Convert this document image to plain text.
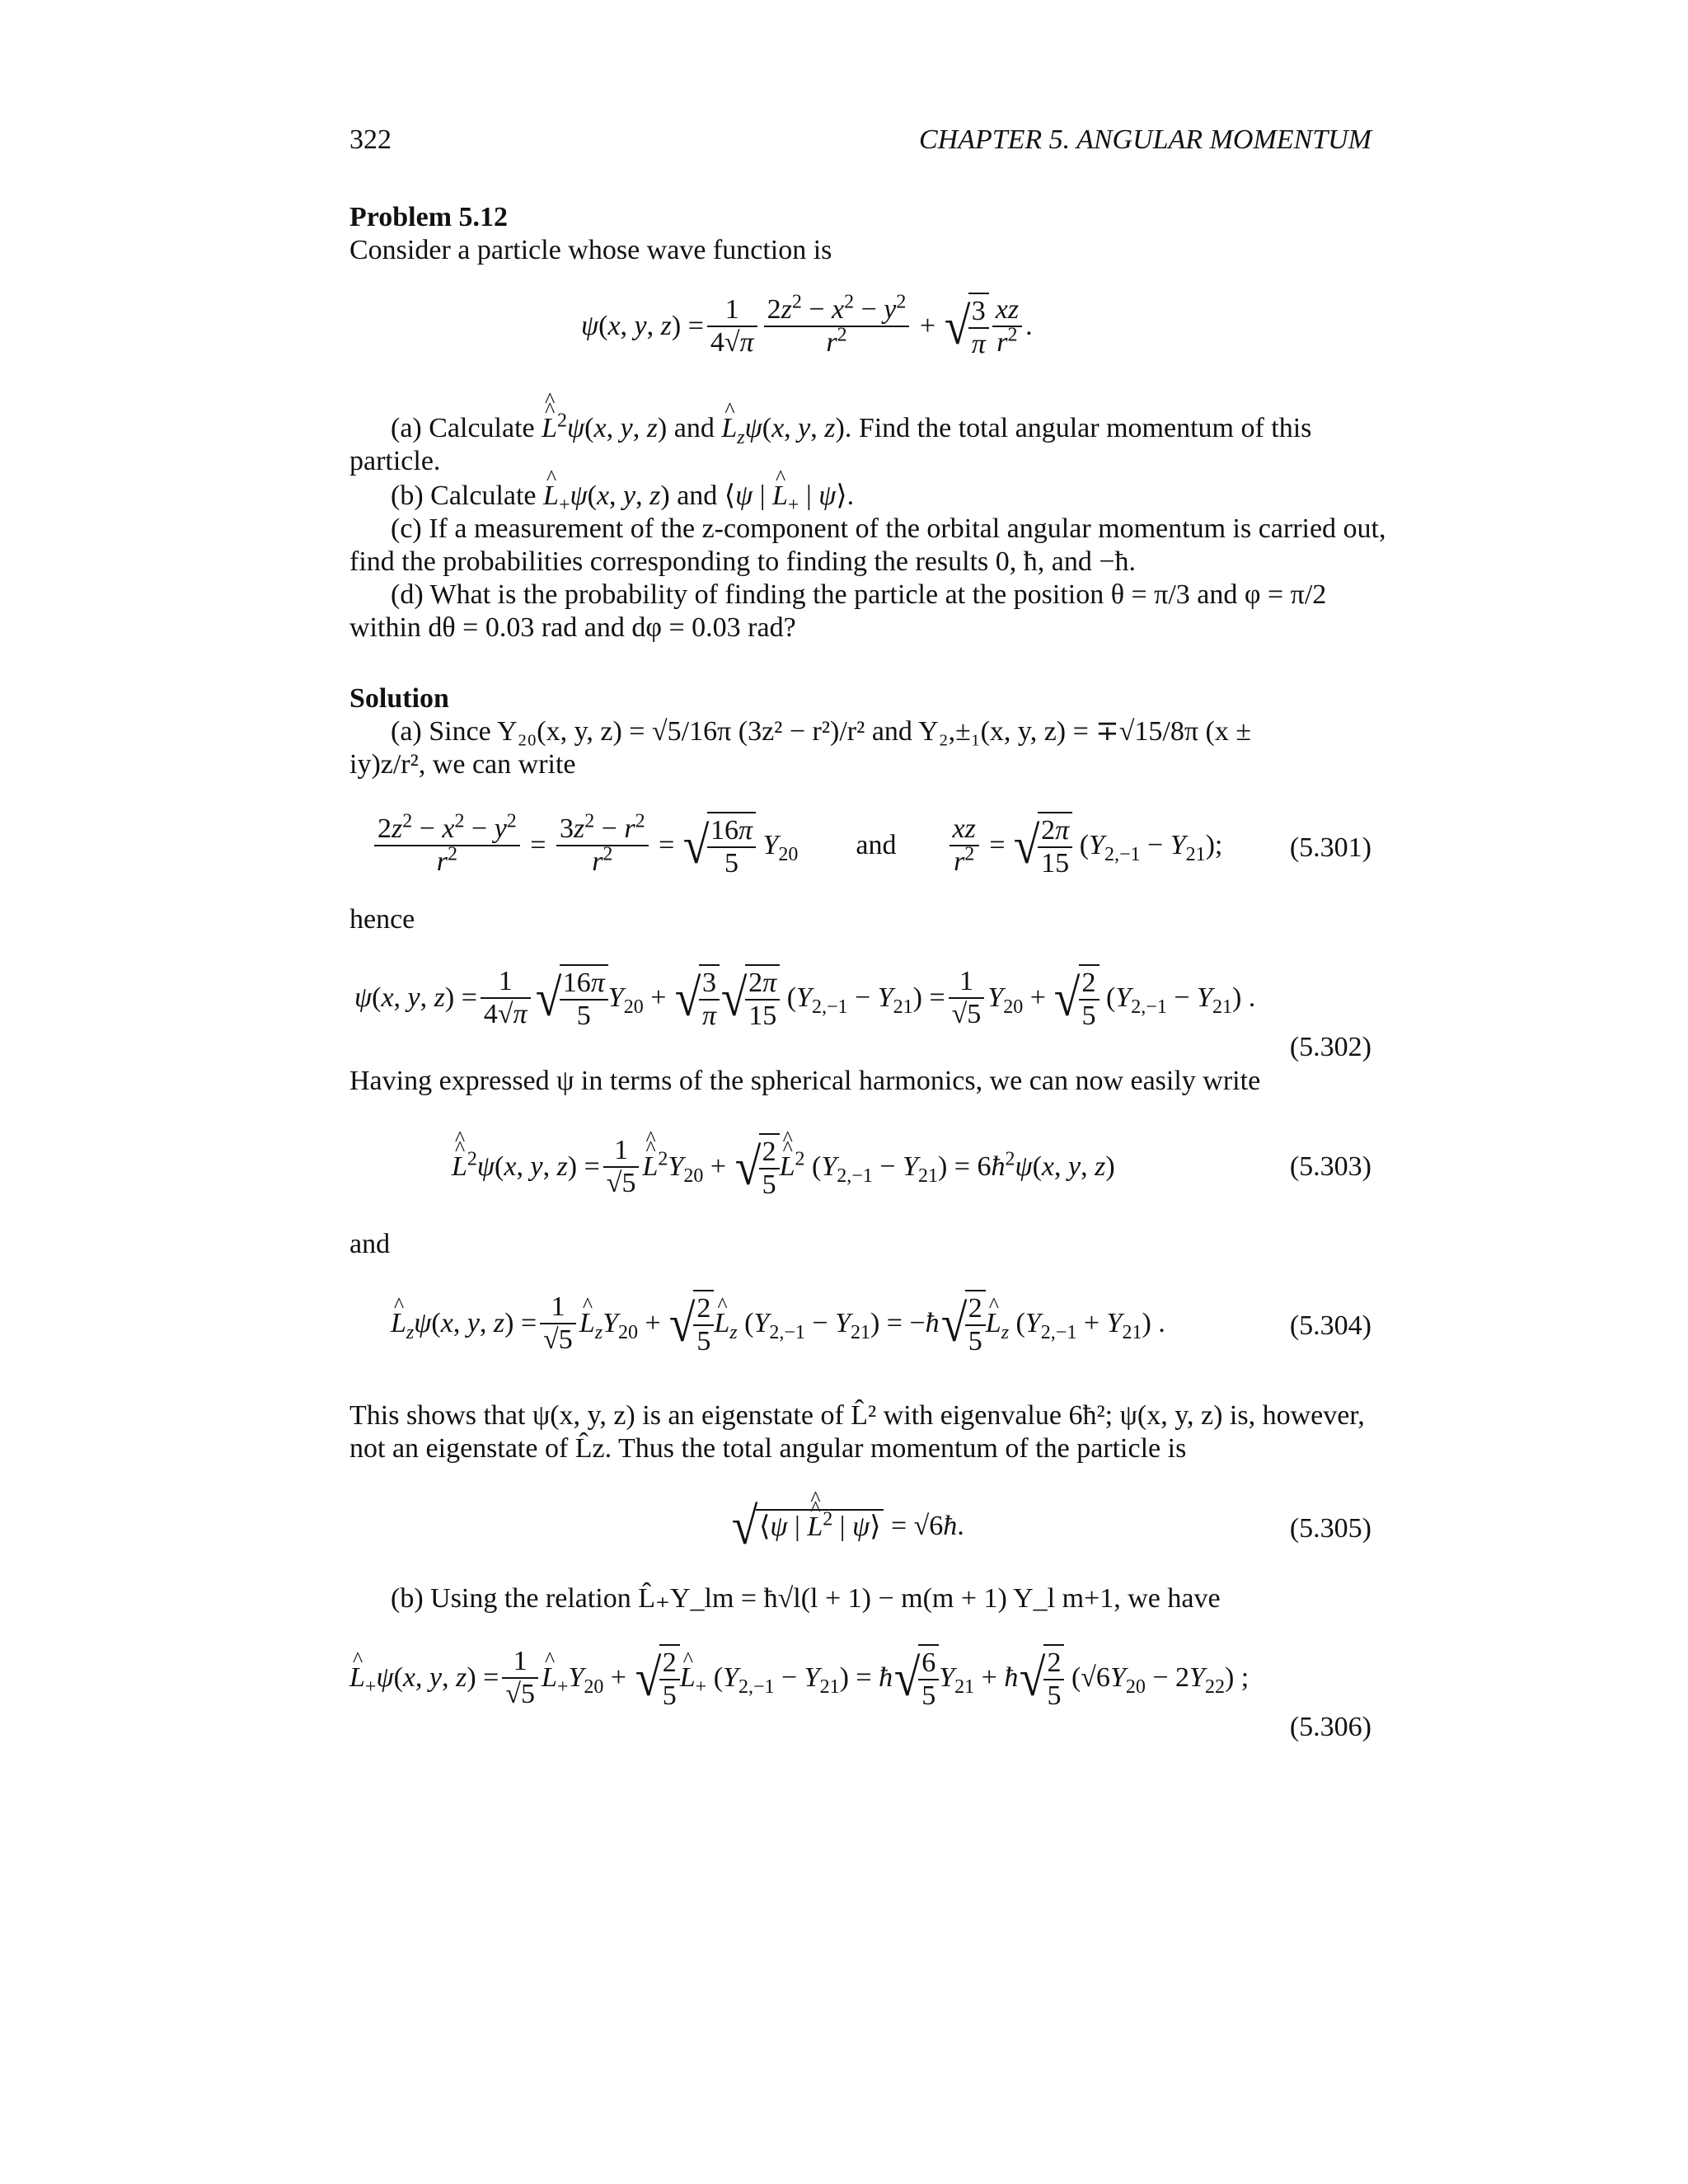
322	CHAPTER 5. ANGULAR MOMENTUM
Problem 5.12
Consider a particle whose wave function is
ψ(x, y, $z) = \frac{1}{4√\pi} \frac{2z^2 - x^2 - y^2}{r^2}$ + √
$\frac{3}{\pi} \frac{xz}{r^2}$ .
(a) Calculate ^ L ^$^2$ψ(x, y, z) and ^ $L_z\psi(x$, y, z). Find the total angular momentum of this
particle.
(b) Calculate ^ $L_+\psi(x$, y, z) and ⟨ψ | ^ $L_+$ | ψ⟩.
(c) If a measurement of the z-component of the orbital angular momentum is carried out,
find the probabilities corresponding to finding the results 0, ħ, and −ħ.
(d) What is the probability of finding the particle at the position θ = π/3 and φ = π/2
within dθ = 0.03 rad and dφ = 0.03 rad?
Solution
(a) Since Y₂₀(x, y, z) = √5/16π (3z² − r²)/r² and Y₂,±₁(x, y, z) = ∓√15/8π (x ±
iy)z/r², we can write
$\frac{2z^2 - x^2 - y^2}{r^2} = \frac{3z^2 - r^2}{r^2}$ = √
$\frac{16\pi}{5} Y_{20}$ and $\frac{xz}{r^2}$ = √
$\frac{2\pi}{15} (Y_{2,-1} - Y_{21})$; (5.301)
hence
ψ(x, y, $z) = \frac{1}{4√\pi}$ √
$\frac{16\pi}{5} Y_{20}$ + √
$\frac{3}{\pi}$ √
$\frac{2\pi}{15} (Y_{2,-1} - Y_{21}) = \frac{1}{√5} Y_{20}$ + √
$\frac{2}{5} (Y_{2,-1} - Y_{21})$ .
(5.302)
Having expressed ψ in terms of the spherical harmonics, we can now easily write
^ L ^$^2$ψ(x, y, $z) = \frac{1}{√5}$ ^ L $\^{}^2Y_{20}$ + √
$\frac{2}{5}$ ^ L ^$^2$ $(Y_{2,-1} - Y_{21})$ = $6ħ^2\psi(x$, y, z)	(5.303)
and
^ $L_z\psi(x$, y, $z) = \frac{1}{√5}$ ^ $L_zY_{20}$ + √
$\frac{2}{5}$ ^ $L_z$ $(Y_{2,-1} - Y_{21})$ = −ħ √
$\frac{2}{5}$ ^ $L_z$ $(Y_{2,-1} + Y_{21})$ .	(5.304)
This shows that ψ(x, y, z) is an eigenstate of L̂² with eigenvalue 6ħ²; ψ(x, y, z) is, however,
not an eigenstate of L̂z. Thus the total angular momentum of the particle is
√⟨ψ | ^ L ^$^2$ | ψ⟩ = √6ħ.	(5.305)
(b) Using the relation L̂₊Y_lm = ħ√l(l + 1) − m(m + 1) Y_l m+1, we have
^ $L_+\psi(x$, y, $z) = \frac{1}{√5}$ ^ $L_+Y_{20}$ + √
$\frac{2}{5}$ ^ $L_+$ $(Y_{2,-1} - Y_{21})$ = ħ √
$\frac{6}{5} Y_{21}$ + ħ √
$\frac{2}{5} (√6Y_{20} - 2Y_{22})$ ;
(5.306)
